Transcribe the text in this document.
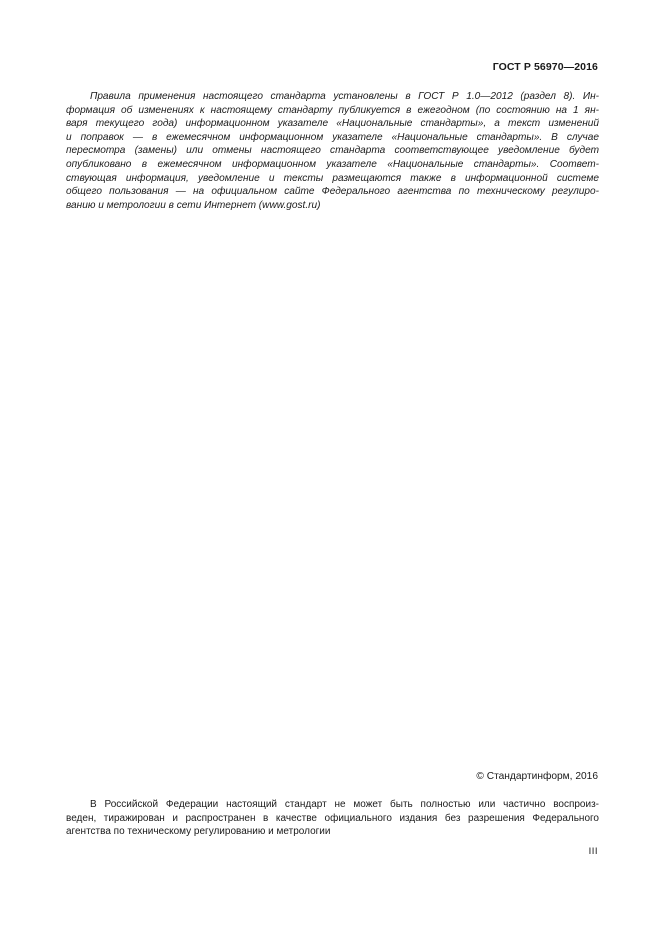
ГОСТ Р 56970—2016
Правила применения настоящего стандарта установлены в ГОСТ Р 1.0—2012 (раздел 8). Ин-
формация об изменениях к настоящему стандарту публикуется в ежегодном (по состоянию на 1 ян-
варя текущего года) информационном указателе «Национальные стандарты», а текст изменений
и поправок — в ежемесячном информационном указателе «Национальные стандарты». В случае
пересмотра (замены) или отмены настоящего стандарта соответствующее уведомление будет
опубликовано в ежемесячном информационном указателе «Национальные стандарты». Соответ-
ствующая информация, уведомление и тексты размещаются также в информационной системе
общего пользования — на официальном сайте Федерального агентства по техническому регулиро-
ванию и метрологии в сети Интернет (www.gost.ru)
© Стандартинформ, 2016
В Российской Федерации настоящий стандарт не может быть полностью или частично воспроиз-
веден, тиражирован и распространен в качестве официального издания без разрешения Федерального
агентства по техническому регулированию и метрологии
III
